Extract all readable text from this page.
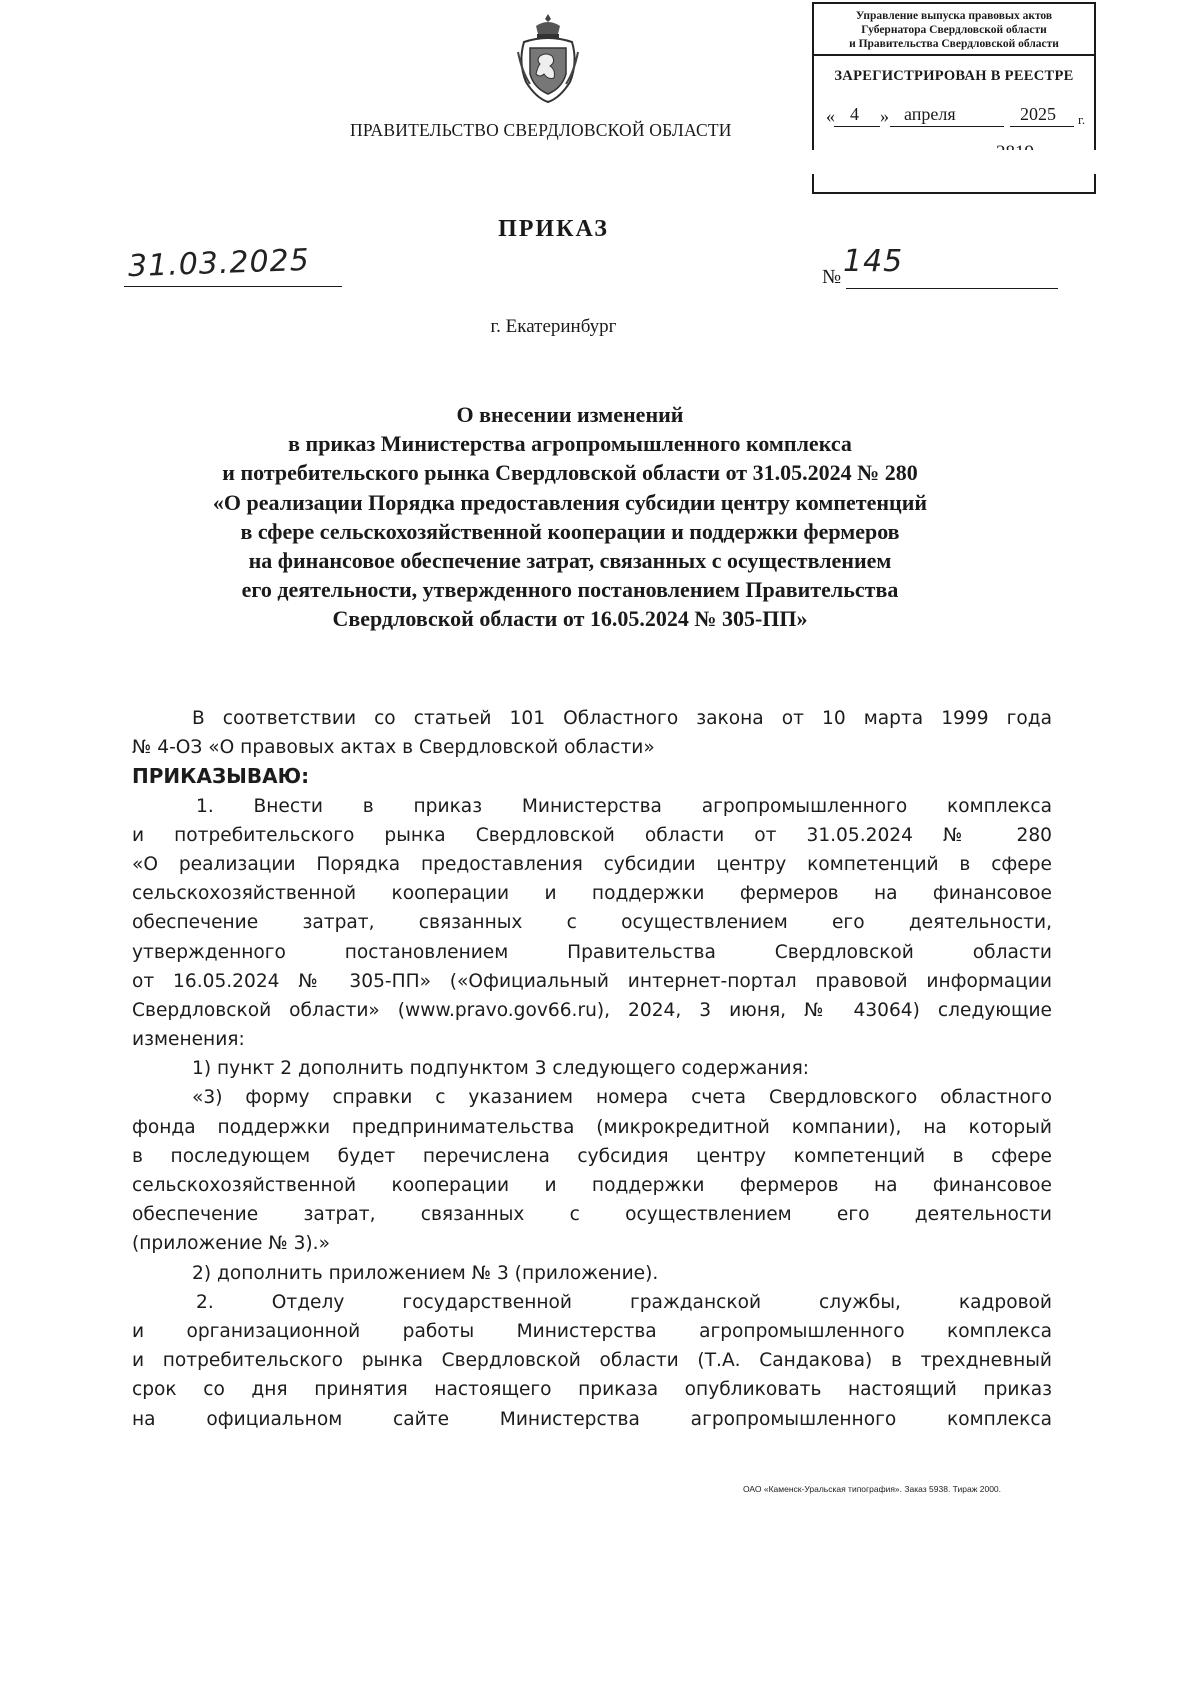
Управление выпуска правовых актов
Губернатора Свердловской области
и Правительства Свердловской области
ЗАРЕГИСТРИРОВАН В РЕЕСТРЕ
« 4 » апреля	2025 г.
ПРАВИТЕЛЬСТВО СВЕРДЛОВСКОЙ ОБЛАСТИ
ПРИКАЗ
31.03.2025	№ 145
г. Екатеринбург
О внесении изменений
в приказ Министерства агропромышленного комплекса
и потребительского рынка Свердловской области от 31.05.2024 № 280
«О реализации Порядка предоставления субсидии центру компетенций
в сфере сельскохозяйственной кооперации и поддержки фермеров
на финансовое обеспечение затрат, связанных с осуществлением
его деятельности, утвержденного постановлением Правительства
Свердловской области от 16.05.2024 № 305-ПП»
В соответствии со статьей 101 Областного закона от 10 марта 1999 года
№ 4-ОЗ «О правовых актах в Свердловской области»
ПРИКАЗЫВАЮ:
1. Внести в приказ Министерства агропромышленного комплекса
и потребительского рынка Свердловской области от 31.05.2024 № 280
«О реализации Порядка предоставления субсидии центру компетенций в сфере
сельскохозяйственной кооперации и поддержки фермеров на финансовое
обеспечение затрат, связанных с осуществлением его деятельности,
утвержденного постановлением Правительства Свердловской области
от 16.05.2024 № 305-ПП» («Официальный интернет-портал правовой информации
Свердловской области» (www.pravo.gov66.ru), 2024, 3 июня, № 43064) следующие
изменения:
1) пункт 2 дополнить подпунктом 3 следующего содержания:
«3) форму справки с указанием номера счета Свердловского областного
фонда поддержки предпринимательства (микрокредитной компании), на который
в последующем будет перечислена субсидия центру компетенций в сфере
сельскохозяйственной кооперации и поддержки фермеров на финансовое
обеспечение затрат, связанных с осуществлением его деятельности
(приложение № 3).»
2) дополнить приложением № 3 (приложение).
2. Отделу государственной гражданской службы, кадровой
и организационной работы Министерства агропромышленного комплекса
и потребительского рынка Свердловской области (Т.А. Сандакова) в трехдневный
срок со дня принятия настоящего приказа опубликовать настоящий приказ
на официальном сайте Министерства агропромышленного комплекса
ОАО «Каменск-Уральская типография». Заказ 5938. Тираж 2000.
